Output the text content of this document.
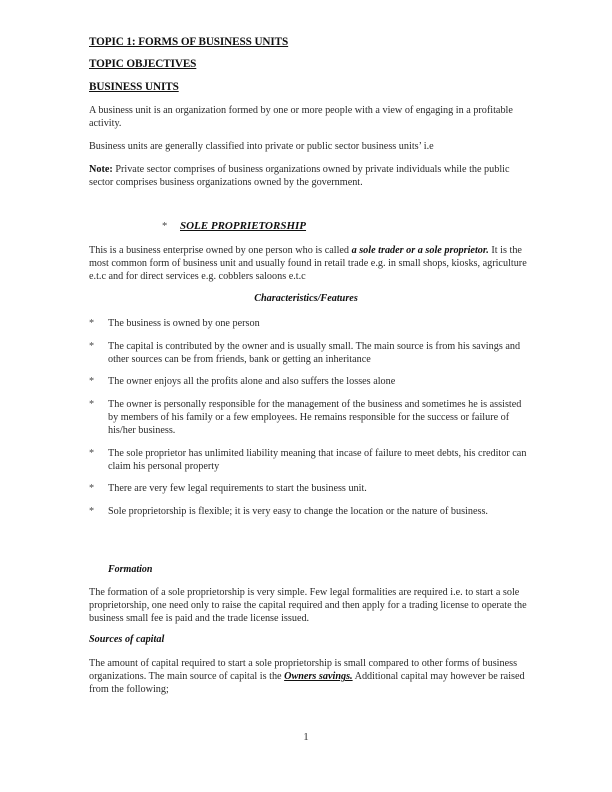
TOPIC 1: FORMS OF BUSINESS UNITS
TOPIC OBJECTIVES
BUSINESS UNITS
A business unit is an organization formed by one or more people with a view of engaging in a profitable activity.
Business units are generally classified into private or public sector business units’ i.e
Note: Private sector comprises of business organizations owned by private individuals while the public sector comprises business organizations owned by the government.
* SOLE PROPRIETORSHIP
This is a business enterprise owned by one person who is called a sole trader or a sole proprietor. It is the most common form of business unit and usually found in retail trade e.g. in small shops, kiosks, agriculture e.t.c and for direct services e.g. cobblers saloons e.t.c
Characteristics/Features
*	The business is owned by one person
*	The capital is contributed by the owner and is usually small. The main source is from his savings and other sources can be from friends, bank or getting an inheritance
*	The owner enjoys all the profits alone and also suffers the losses alone
*	The owner is personally responsible for the management of the business and sometimes he is assisted by members of his family or a few employees. He remains responsible for the success or failure of his/her business.
*	The sole proprietor has unlimited liability meaning that incase of failure to meet debts, his creditor can claim his personal property
*	There are very few legal requirements to start the business unit.
*	Sole proprietorship is flexible; it is very easy to change the location or the nature of business.
Formation
The formation of a sole proprietorship is very simple. Few legal formalities are required i.e. to start a sole proprietorship, one need only to raise the capital required and then apply for a trading license to operate the business small fee is paid and the trade license issued.
Sources of capital
The amount of capital required to start a sole proprietorship is small compared to other forms of business organizations. The main source of capital is the Owners savings. Additional capital may however be raised from the following;
1
